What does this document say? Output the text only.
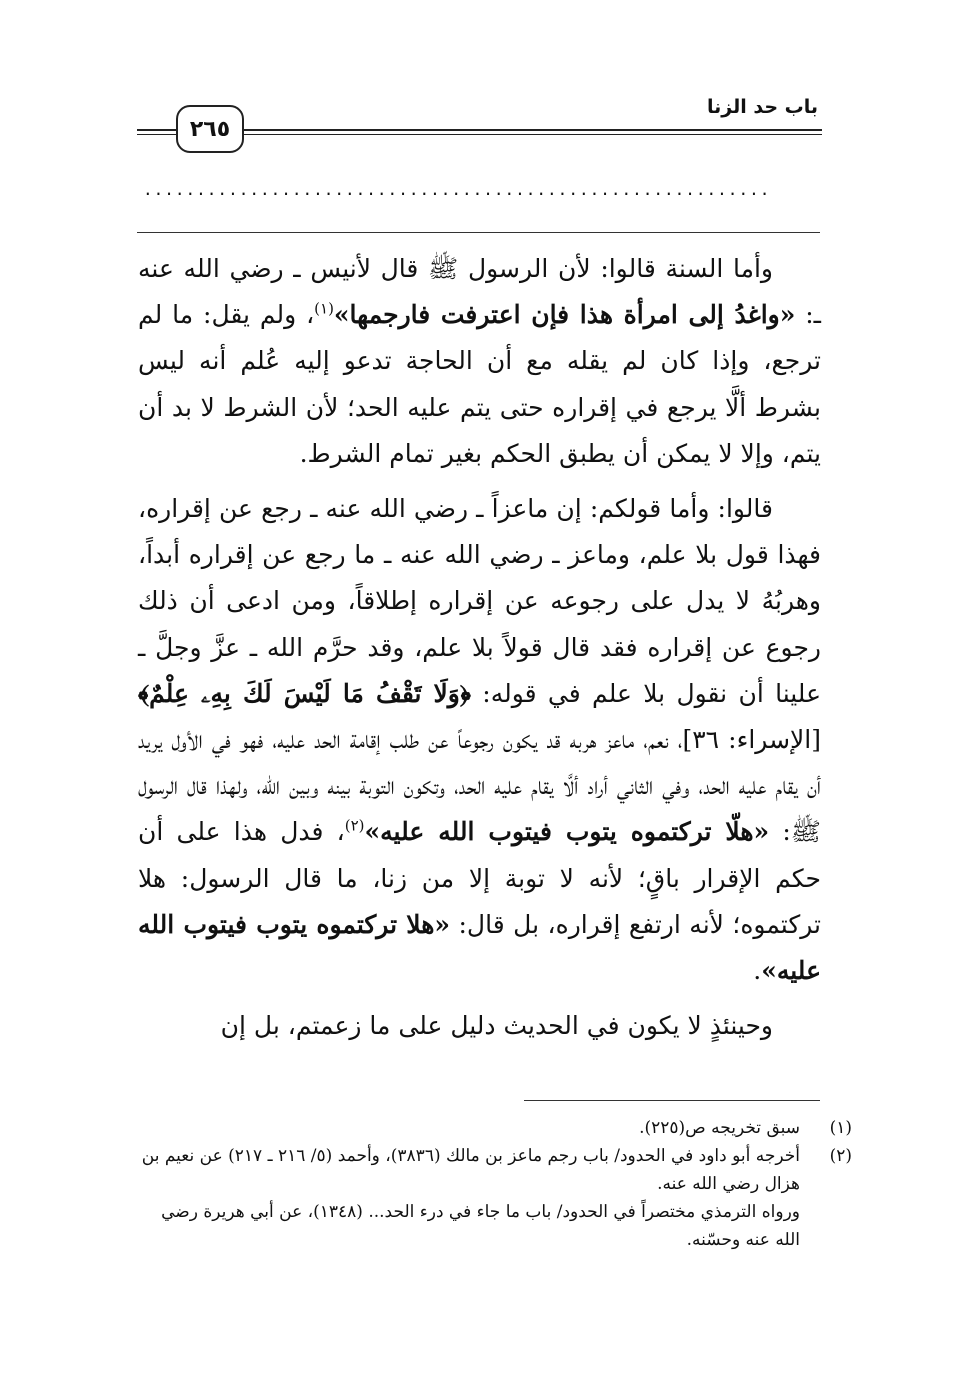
باب حد الزنا
٢٦٥
...........................................................

وأما السنة قالوا: لأن الرسول ﷺ قال لأنيس ـ رضي الله عنه ـ: «واغدُ إلى امرأة هذا فإن اعترفت فارجمها»$^{(١)}$، ولم يقل: ما لم ترجع، وإذا كان لم يقله مع أن الحاجة تدعو إليه عُلم أنه ليس بشرط ألَّا يرجع في إقراره حتى يتم عليه الحد؛ لأن الشرط لا بد أن يتم، وإلا لا يمكن أن يطبق الحكم بغير تمام الشرط.

قالوا: وأما قولكم: إن ماعزاً ـ رضي الله عنه ـ رجع عن إقراره، فهذا قول بلا علم، وماعز ـ رضي الله عنه ـ ما رجع عن إقراره أبداً، وهربُهُ لا يدل على رجوعه عن إقراره إطلاقاً، ومن ادعى أن ذلك رجوع عن إقراره فقد قال قولاً بلا علم، وقد حرَّم الله ـ عزَّ وجلَّ ـ علينا أن نقول بلا علم في قوله: ﴿وَلَا تَقْفُ مَا لَيْسَ لَكَ بِهِۦ عِلْمٌ﴾ [الإسراء: ٣٦]، نعم، ماعز هربه قد يكون رجوعاً عن طلب إقامة الحد عليه، فهو في الأول يريد أن يقام عليه الحد، وفي الثاني أراد ألَّا يقام عليه الحد، وتكون التوبة بينه وبين الله، ولهذا قال الرسول ﷺ: «هلّا تركتموه يتوب فيتوب الله عليه»$^{(٢)}$، فدل هذا على أن حكم الإقرار باقٍ؛ لأنه لا توبة إلا من زنا، ما قال الرسول: هلا تركتموه؛ لأنه ارتفع إقراره، بل قال: «هلا تركتموه يتوب فيتوب الله عليه».

وحينئذٍ لا يكون في الحديث دليل على ما زعمتم، بل إن

(١)
سبق تخريجه ص(٢٢٥).
(٢)
أخرجه أبو داود في الحدود/ باب رجم ماعز بن مالك (٣٨٣٦)، وأحمد (٥/ ٢١٦ ـ ٢١٧) عن نعيم بن هزال رضي الله عنه.
ورواه الترمذي مختصراً في الحدود/ باب ما جاء في درء الحد... (١٣٤٨)، عن أبي هريرة رضي الله عنه وحسّنه.
